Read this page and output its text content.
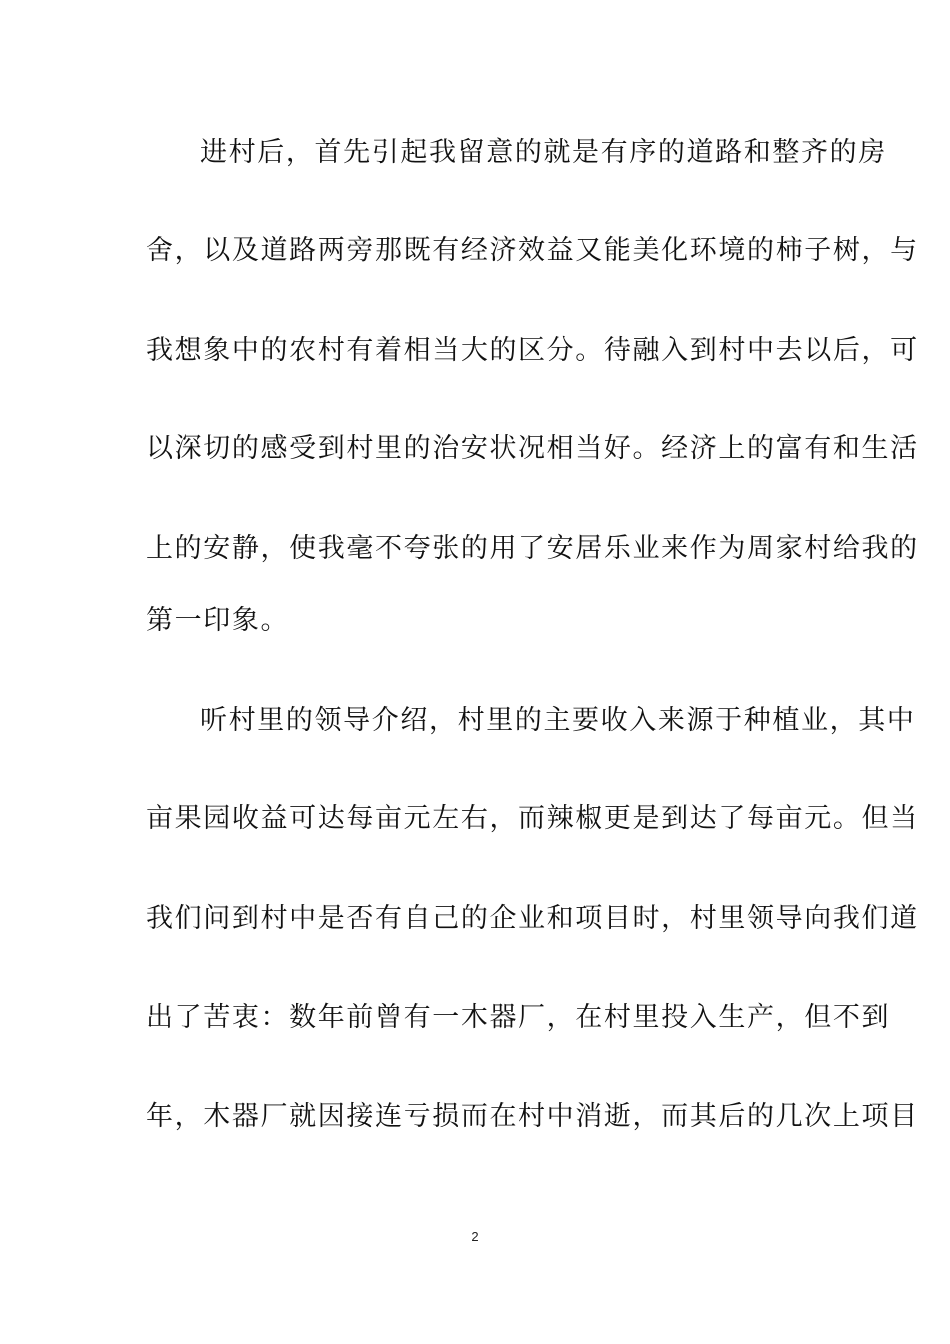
进村后，首先引起我留意的就是有序的道路和整齐的房
舍，以及道路两旁那既有经济效益又能美化环境的柿子树，与
我想象中的农村有着相当大的区分。待融入到村中去以后，可
以深切的感受到村里的治安状况相当好。经济上的富有和生活
上的安静，使我毫不夸张的用了安居乐业来作为周家村给我的
第一印象。
听村里的领导介绍，村里的主要收入来源于种植业，其中
亩果园收益可达每亩元左右，而辣椒更是到达了每亩元。但当
我们问到村中是否有自己的企业和项目时，村里领导向我们道
出了苦衷：数年前曾有一木器厂，在村里投入生产，但不到
年，木器厂就因接连亏损而在村中消逝，而其后的几次上项目
2
